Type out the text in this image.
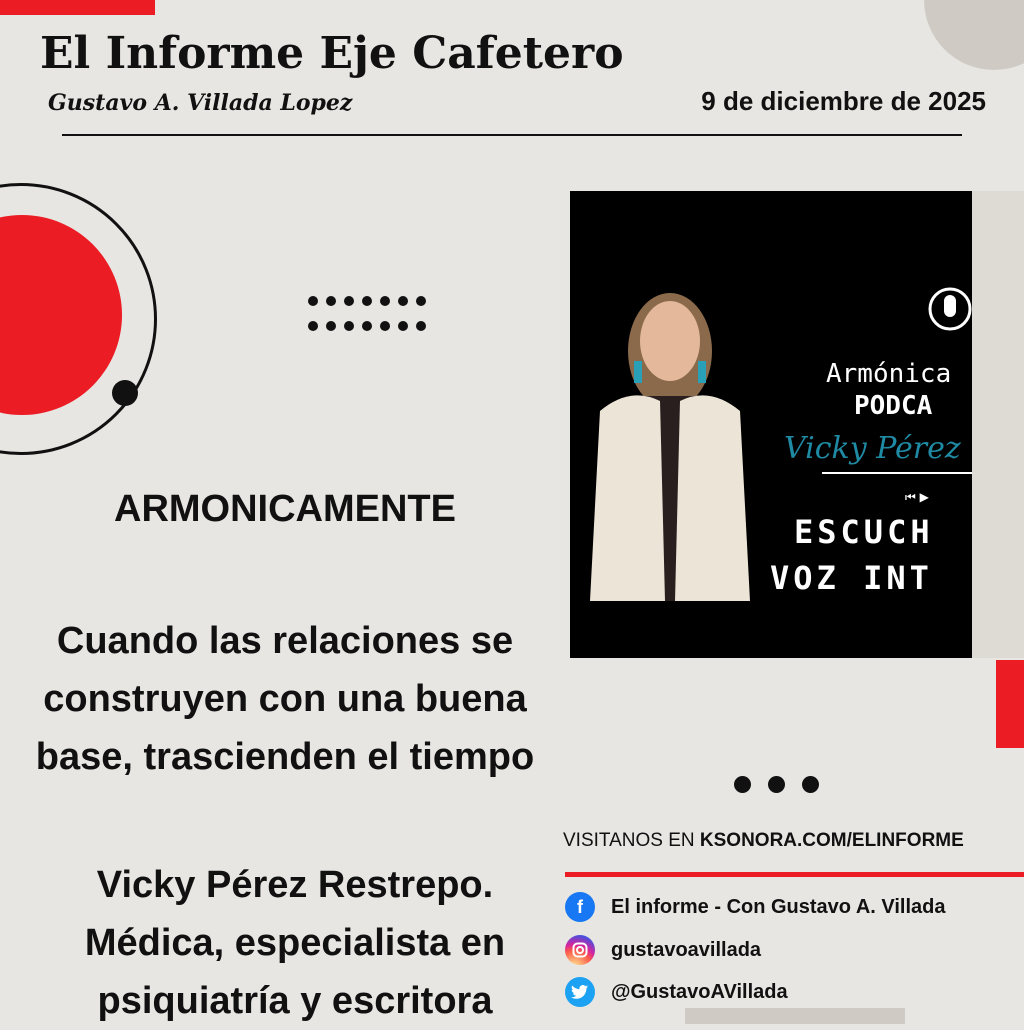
El Informe Eje Cafetero
Gustavo A. Villada Lopez	9 de diciembre de 2025
ARMONICAMENTE
Cuando las relaciones se
construyen con una buena
base, trascienden el tiempo
Vicky Pérez Restrepo.
Médica, especialista en
psiquiatría y escritora
⏮ ▶
Armónica
PODCA
Vicky Pérez
ESCUCH
VOZ INT
VISITANOS EN KSONORA.COM/ELINFORME
f	El informe - Con Gustavo A. Villada
gustavoavillada
@GustavoAVillada
